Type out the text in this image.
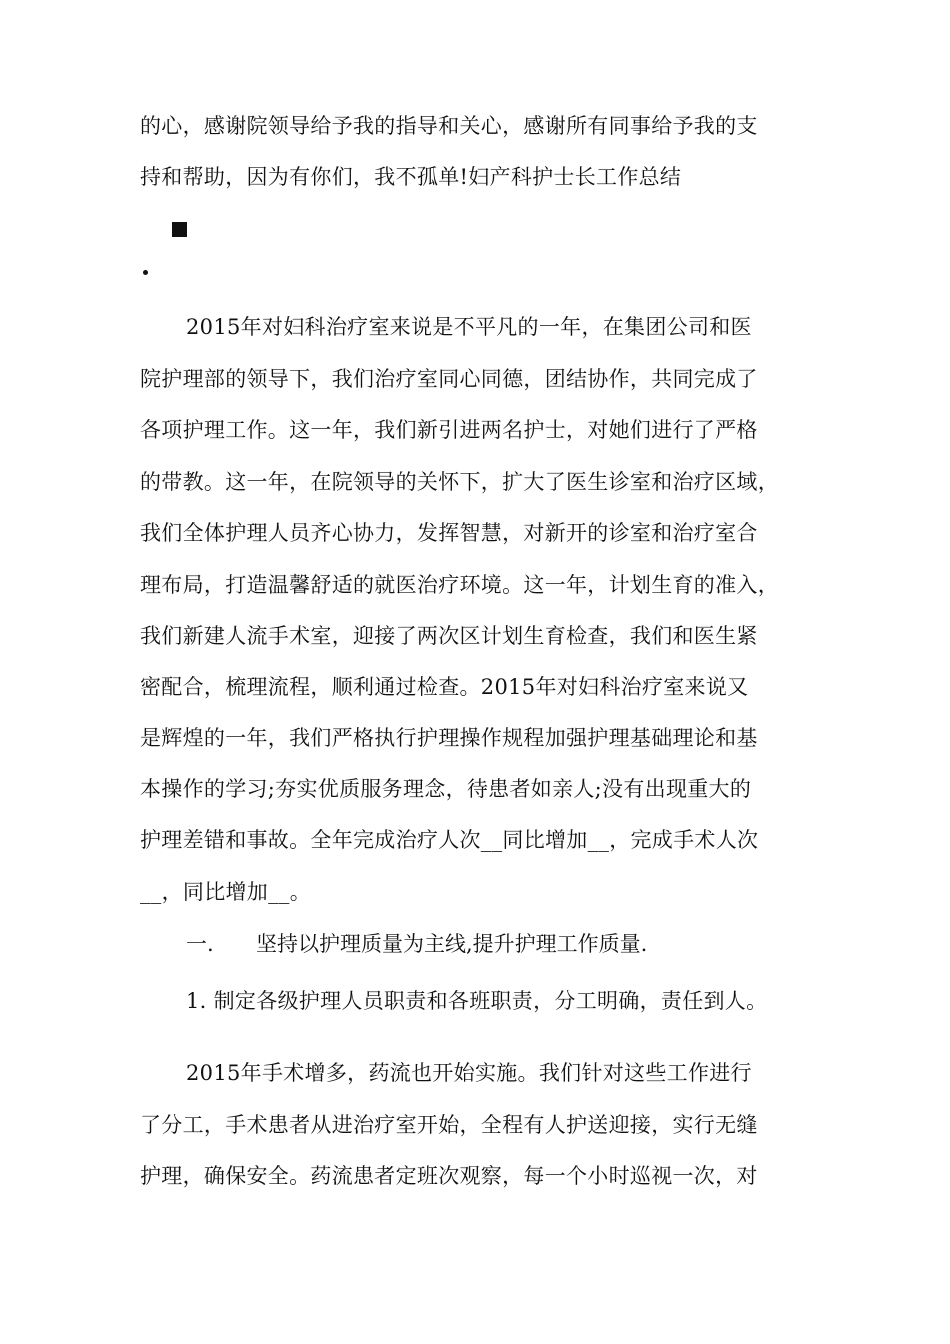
的心，感谢院领导给予我的指导和关心，感谢所有同事给予我的支
持和帮助，因为有你们，我不孤单!妇产科护士长工作总结
2015年对妇科治疗室来说是不平凡的一年，在集团公司和医
院护理部的领导下，我们治疗室同心同德，团结协作，共同完成了
各项护理工作。这一年，我们新引进两名护士，对她们进行了严格
的带教。这一年，在院领导的关怀下，扩大了医生诊室和治疗区域，
我们全体护理人员齐心协力，发挥智慧，对新开的诊室和治疗室合
理布局，打造温馨舒适的就医治疗环境。这一年，计划生育的准入，
我们新建人流手术室，迎接了两次区计划生育检查，我们和医生紧
密配合，梳理流程，顺利通过检查。2015年对妇科治疗室来说又
是辉煌的一年，我们严格执行护理操作规程加强护理基础理论和基
本操作的学习;夯实优质服务理念，待患者如亲人;没有出现重大的
护理差错和事故。全年完成治疗人次__同比增加__，完成手术人次
__，同比增加__。
一. 坚持以护理质量为主线,提升护理工作质量.
1. 制定各级护理人员职责和各班职责，分工明确，责任到人。
2015年手术增多，药流也开始实施。我们针对这些工作进行
了分工，手术患者从进治疗室开始，全程有人护送迎接，实行无缝
护理，确保安全。药流患者定班次观察，每一个小时巡视一次，对
